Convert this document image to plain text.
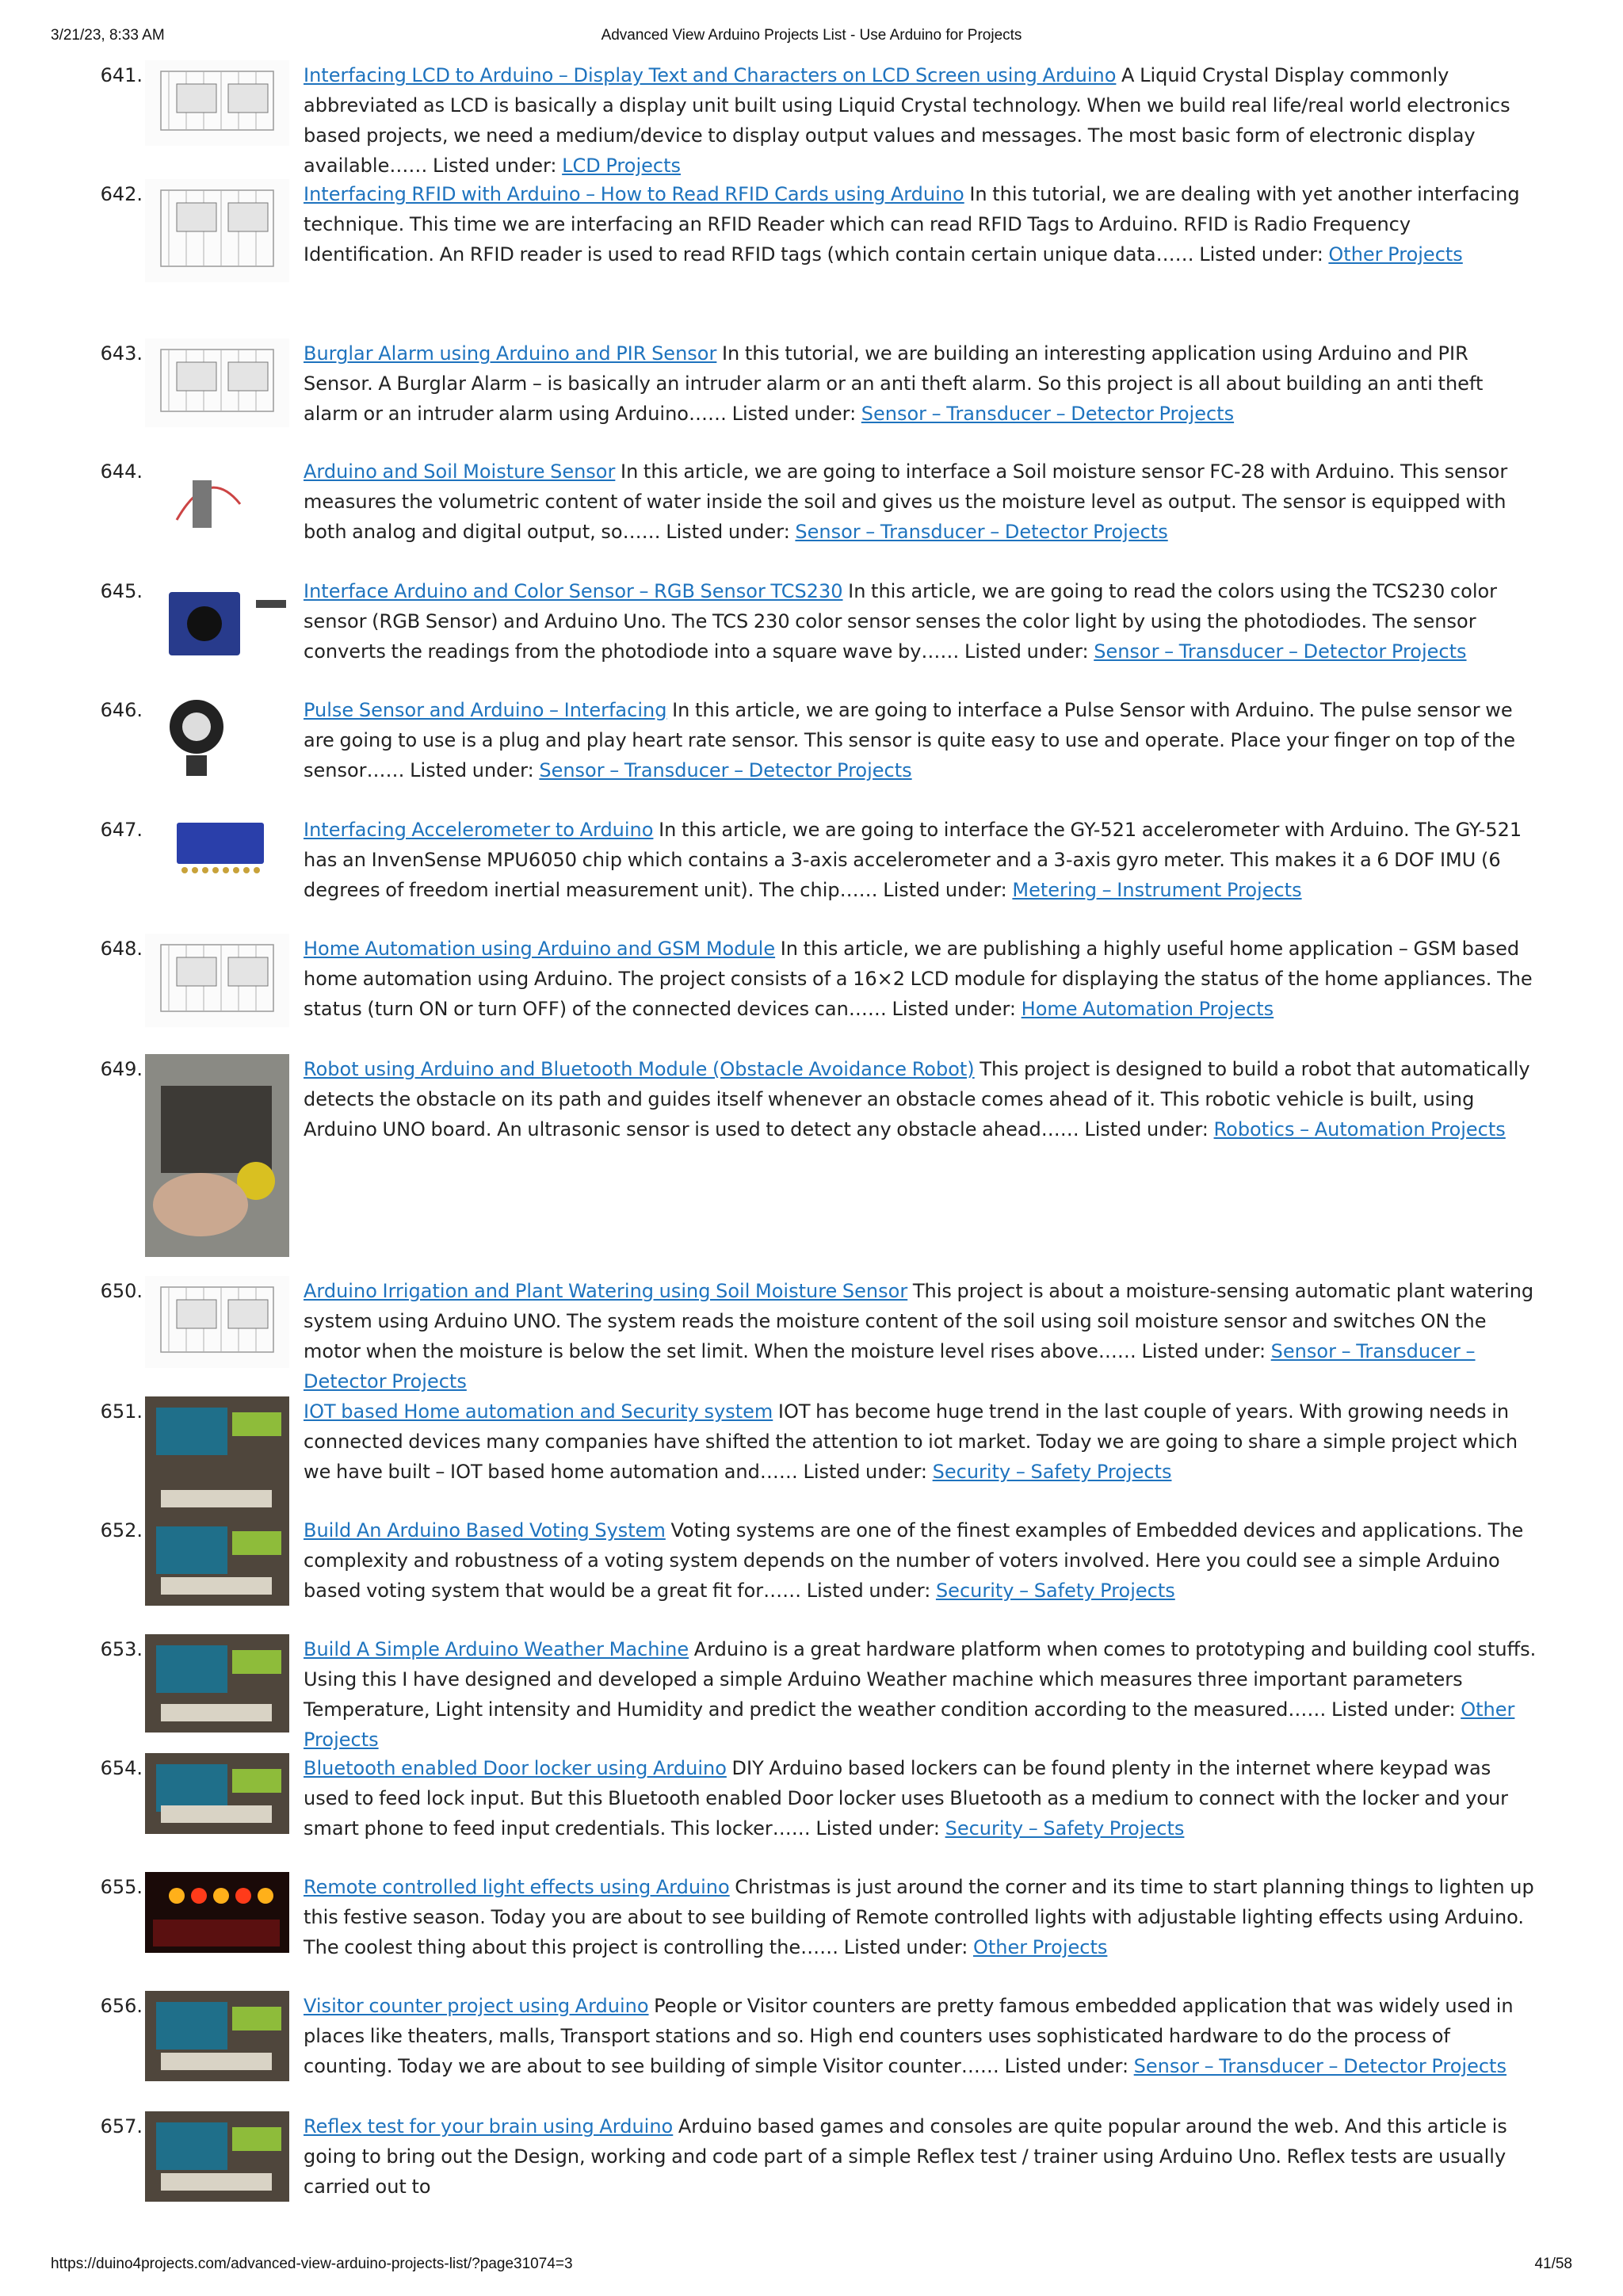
3/21/23, 8:33 AM	Advanced View Arduino Projects List - Use Arduino for Projects
641.	Interfacing LCD to Arduino – Display Text and Characters on LCD Screen using Arduino A Liquid Crystal Display commonly abbreviated as LCD is basically a display unit built using Liquid Crystal technology. When we build real life/real world electronics based projects, we need a medium/device to display output values and messages. The most basic form of electronic display available…… Listed under: LCD Projects
642.	Interfacing RFID with Arduino – How to Read RFID Cards using Arduino In this tutorial, we are dealing with yet another interfacing technique. This time we are interfacing an RFID Reader which can read RFID Tags to Arduino. RFID is Radio Frequency Identification. An RFID reader is used to read RFID tags (which contain certain unique data…… Listed under: Other Projects
643.	Burglar Alarm using Arduino and PIR Sensor In this tutorial, we are building an interesting application using Arduino and PIR Sensor. A Burglar Alarm – is basically an intruder alarm or an anti theft alarm. So this project is all about building an anti theft alarm or an intruder alarm using Arduino…… Listed under: Sensor – Transducer – Detector Projects
644.	Arduino and Soil Moisture Sensor In this article, we are going to interface a Soil moisture sensor FC-28 with Arduino. This sensor measures the volumetric content of water inside the soil and gives us the moisture level as output. The sensor is equipped with both analog and digital output, so…… Listed under: Sensor – Transducer – Detector Projects
645.	Interface Arduino and Color Sensor – RGB Sensor TCS230 In this article, we are going to read the colors using the TCS230 color sensor (RGB Sensor) and Arduino Uno. The TCS 230 color sensor senses the color light by using the photodiodes. The sensor converts the readings from the photodiode into a square wave by…… Listed under: Sensor – Transducer – Detector Projects
646.	Pulse Sensor and Arduino – Interfacing In this article, we are going to interface a Pulse Sensor with Arduino. The pulse sensor we are going to use is a plug and play heart rate sensor. This sensor is quite easy to use and operate. Place your finger on top of the sensor…… Listed under: Sensor – Transducer – Detector Projects
647.	Interfacing Accelerometer to Arduino In this article, we are going to interface the GY-521 accelerometer with Arduino. The GY-521 has an InvenSense MPU6050 chip which contains a 3-axis accelerometer and a 3-axis gyro meter. This makes it a 6 DOF IMU (6 degrees of freedom inertial measurement unit). The chip…… Listed under: Metering – Instrument Projects
648.	Home Automation using Arduino and GSM Module In this article, we are publishing a highly useful home application – GSM based home automation using Arduino. The project consists of a 16×2 LCD module for displaying the status of the home appliances. The status (turn ON or turn OFF) of the connected devices can…… Listed under: Home Automation Projects
649.	Robot using Arduino and Bluetooth Module (Obstacle Avoidance Robot) This project is designed to build a robot that automatically detects the obstacle on its path and guides itself whenever an obstacle comes ahead of it. This robotic vehicle is built, using Arduino UNO board. An ultrasonic sensor is used to detect any obstacle ahead…… Listed under: Robotics – Automation Projects
650.	Arduino Irrigation and Plant Watering using Soil Moisture Sensor This project is about a moisture-sensing automatic plant watering system using Arduino UNO. The system reads the moisture content of the soil using soil moisture sensor and switches ON the motor when the moisture is below the set limit. When the moisture level rises above…… Listed under: Sensor – Transducer – Detector Projects
651.	IOT based Home automation and Security system IOT has become huge trend in the last couple of years. With growing needs in connected devices many companies have shifted the attention to iot market. Today we are going to share a simple project which we have built – IOT based home automation and…… Listed under: Security – Safety Projects
652.	Build An Arduino Based Voting System Voting systems are one of the finest examples of Embedded devices and applications. The complexity and robustness of a voting system depends on the number of voters involved. Here you could see a simple Arduino based voting system that would be a great fit for…… Listed under: Security – Safety Projects
653.	Build A Simple Arduino Weather Machine Arduino is a great hardware platform when comes to prototyping and building cool stuffs. Using this I have designed and developed a simple Arduino Weather machine which measures three important parameters Temperature, Light intensity and Humidity and predict the weather condition according to the measured…… Listed under: Other Projects
654.	Bluetooth enabled Door locker using Arduino DIY Arduino based lockers can be found plenty in the internet where keypad was used to feed lock input. But this Bluetooth enabled Door locker uses Bluetooth as a medium to connect with the locker and your smart phone to feed input credentials. This locker…… Listed under: Security – Safety Projects
655.	Remote controlled light effects using Arduino Christmas is just around the corner and its time to start planning things to lighten up this festive season. Today you are about to see building of Remote controlled lights with adjustable lighting effects using Arduino. The coolest thing about this project is controlling the…… Listed under: Other Projects
656.	Visitor counter project using Arduino People or Visitor counters are pretty famous embedded application that was widely used in places like theaters, malls, Transport stations and so. High end counters uses sophisticated hardware to do the process of counting. Today we are about to see building of simple Visitor counter…… Listed under: Sensor – Transducer – Detector Projects
657.	Reflex test for your brain using Arduino Arduino based games and consoles are quite popular around the web. And this article is going to bring out the Design, working and code part of a simple Reflex test / trainer using Arduino Uno. Reflex tests are usually carried out to
https://duino4projects.com/advanced-view-arduino-projects-list/?page31074=3	41/58
